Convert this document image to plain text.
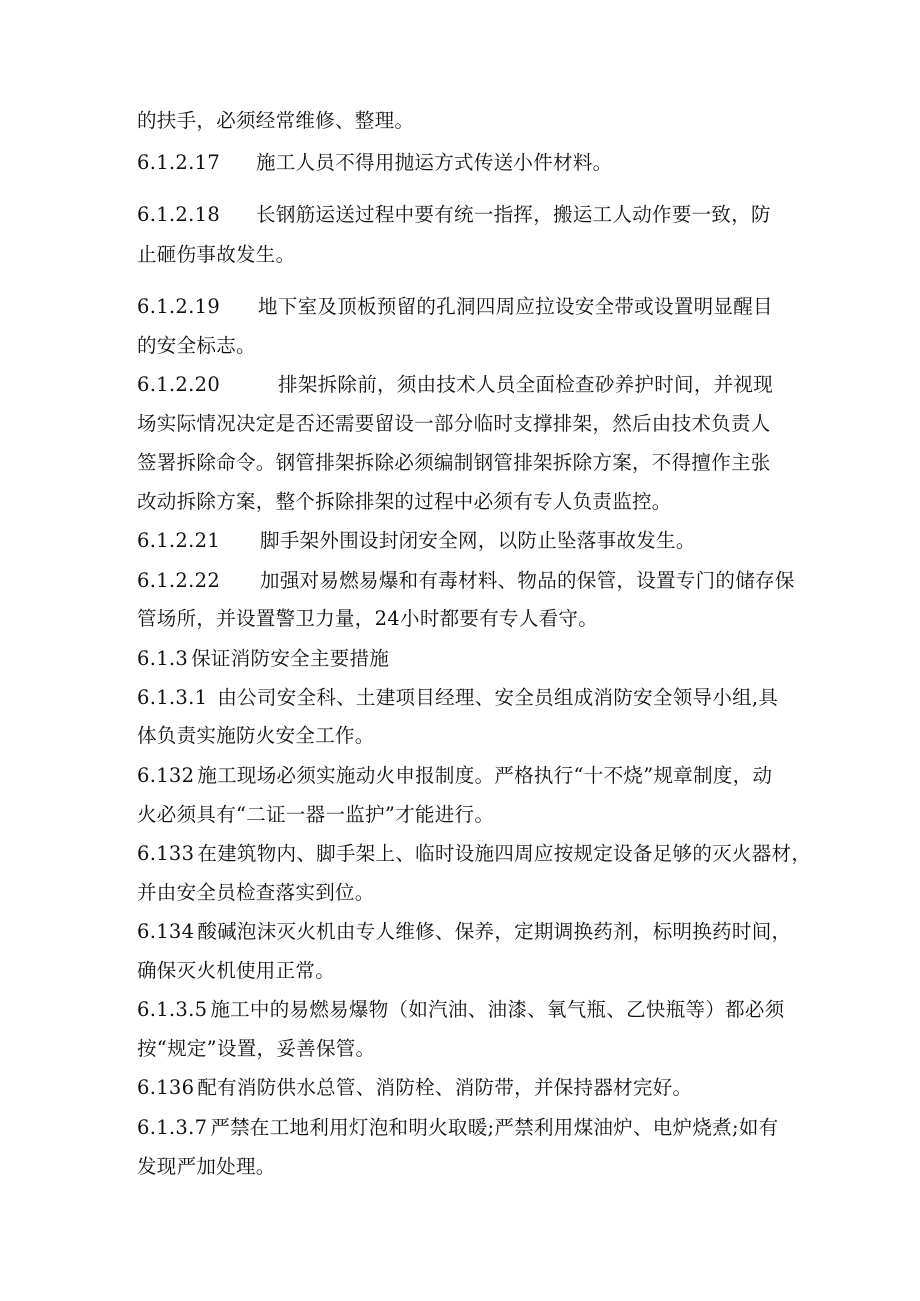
的扶手，必须经常维修、整理。
6.1.2.17 施工人员不得用抛运方式传送小件材料。
6.1.2.18 长钢筋运送过程中要有统一指挥，搬运工人动作要一致，防
止砸伤事故发生。
6.1.2.19 地下室及顶板预留的孔洞四周应拉设安全带或设置明显醒目
的安全标志。
6.1.2.20	排架拆除前，须由技术人员全面检查砂养护时间，并视现
场实际情况决定是否还需要留设一部分临时支撑排架，然后由技术负责人
签署拆除命令。钢管排架拆除必须编制钢管排架拆除方案，不得擅作主张
改动拆除方案，整个拆除排架的过程中必须有专人负责监控。
6.1.2.21 脚手架外围设封闭安全网，以防止坠落事故发生。
6.1.2.22 加强对易燃易爆和有毒材料、物品的保管，设置专门的储存保
管场所，并设置警卫力量，24小时都要有专人看守。
6.1.3 保证消防安全主要措施
6.1.3.1 由公司安全科、土建项目经理、安全员组成消防安全领导小组,具
体负责实施防火安全工作。
6.132 施工现场必须实施动火申报制度。严格执行“十不烧”规章制度，动
火必须具有“二证一器一监护”才能进行。
6.133 在建筑物内、脚手架上、临时设施四周应按规定设备足够的灭火器材，
并由安全员检查落实到位。
6.134 酸碱泡沫灭火机由专人维修、保养，定期调换药剂，标明换药时间，
确保灭火机使用正常。
6.1.3.5 施工中的易燃易爆物（如汽油、油漆、氧气瓶、乙快瓶等）都必须
按“规定”设置，妥善保管。
6.136 配有消防供水总管、消防栓、消防带，并保持器材完好。
6.1.3.7 严禁在工地利用灯泡和明火取暖;严禁利用煤油炉、电炉烧煮;如有
发现严加处理。
